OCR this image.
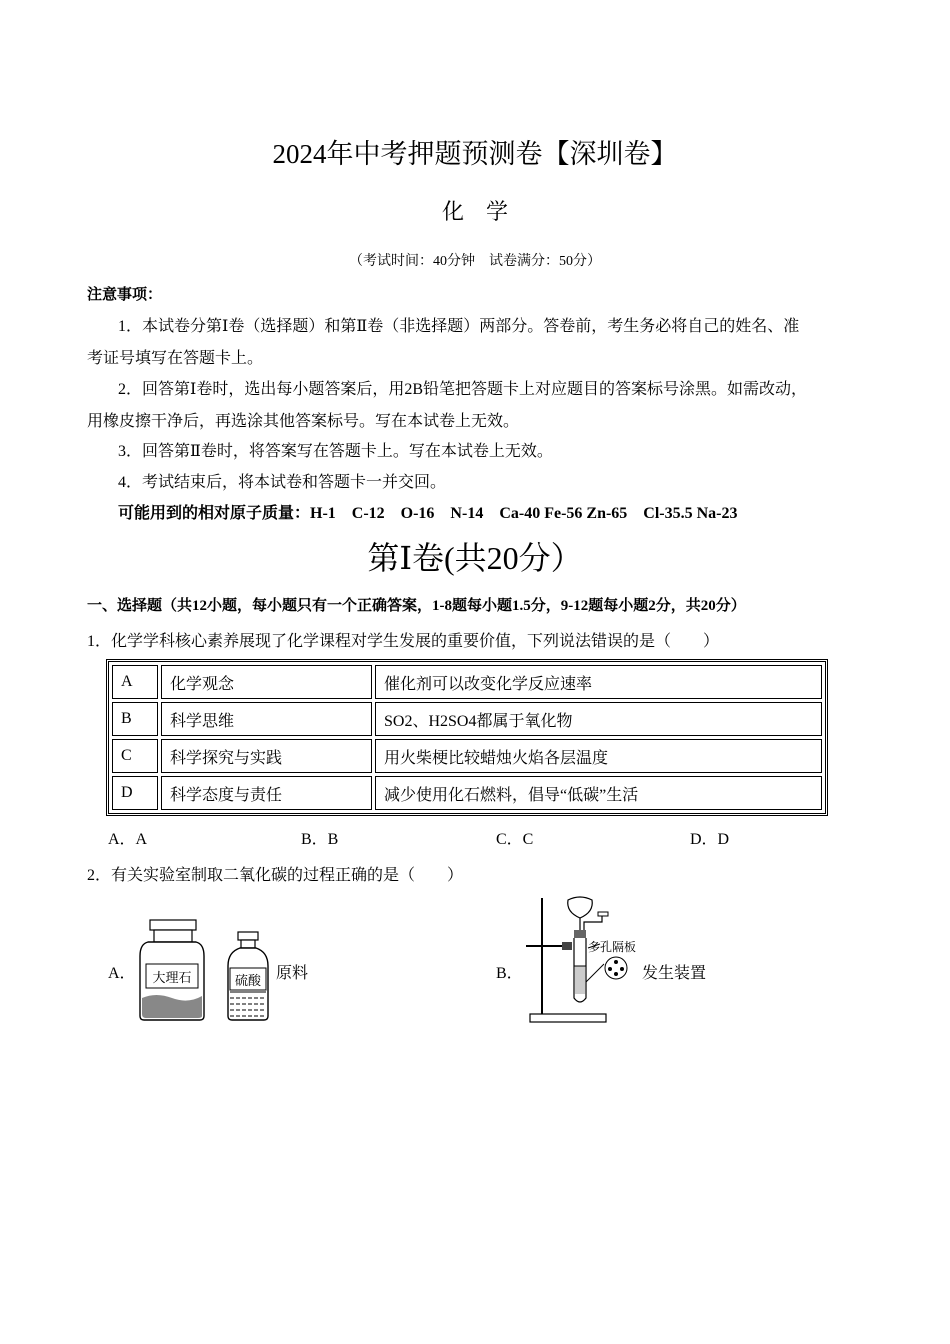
2024年中考押题预测卷【深圳卷】
化学
（考试时间：40分钟　试卷满分：50分）
注意事项：
1．本试卷分第Ⅰ卷（选择题）和第Ⅱ卷（非选择题）两部分。答卷前，考生务必将自己的姓名、准
考证号填写在答题卡上。
2．回答第Ⅰ卷时，选出每小题答案后，用2B铅笔把答题卡上对应题目的答案标号涂黑。如需改动，
用橡皮擦干净后，再选涂其他答案标号。写在本试卷上无效。
3．回答第Ⅱ卷时，将答案写在答题卡上。写在本试卷上无效。
4．考试结束后，将本试卷和答题卡一并交回。
可能用到的相对原子质量：H-1　C-12　O-16　N-14　Ca-40 Fe-56 Zn-65　Cl-35.5 Na-23
第Ⅰ卷(共20分）
一、选择题（共12小题，每小题只有一个正确答案，1-8题每小题1.5分，9-12题每小题2分，共20分）
1．化学学科核心素养展现了化学课程对学生发展的重要价值，下列说法错误的是（　　）
A	化学观念	催化剂可以改变化学反应速率
B	科学思维	SO2、H2SO4都属于氧化物
C	科学探究与实践	用火柴梗比较蜡烛火焰各层温度
D	科学态度与责任	减少使用化石燃料，倡导“低碳”生活
A．A	B．B	C．C	D．D
2．有关实验室制取二氧化碳的过程正确的是（　　）
A． 大理石	硫酸 原料	B．
多孔隔板
发生装置
